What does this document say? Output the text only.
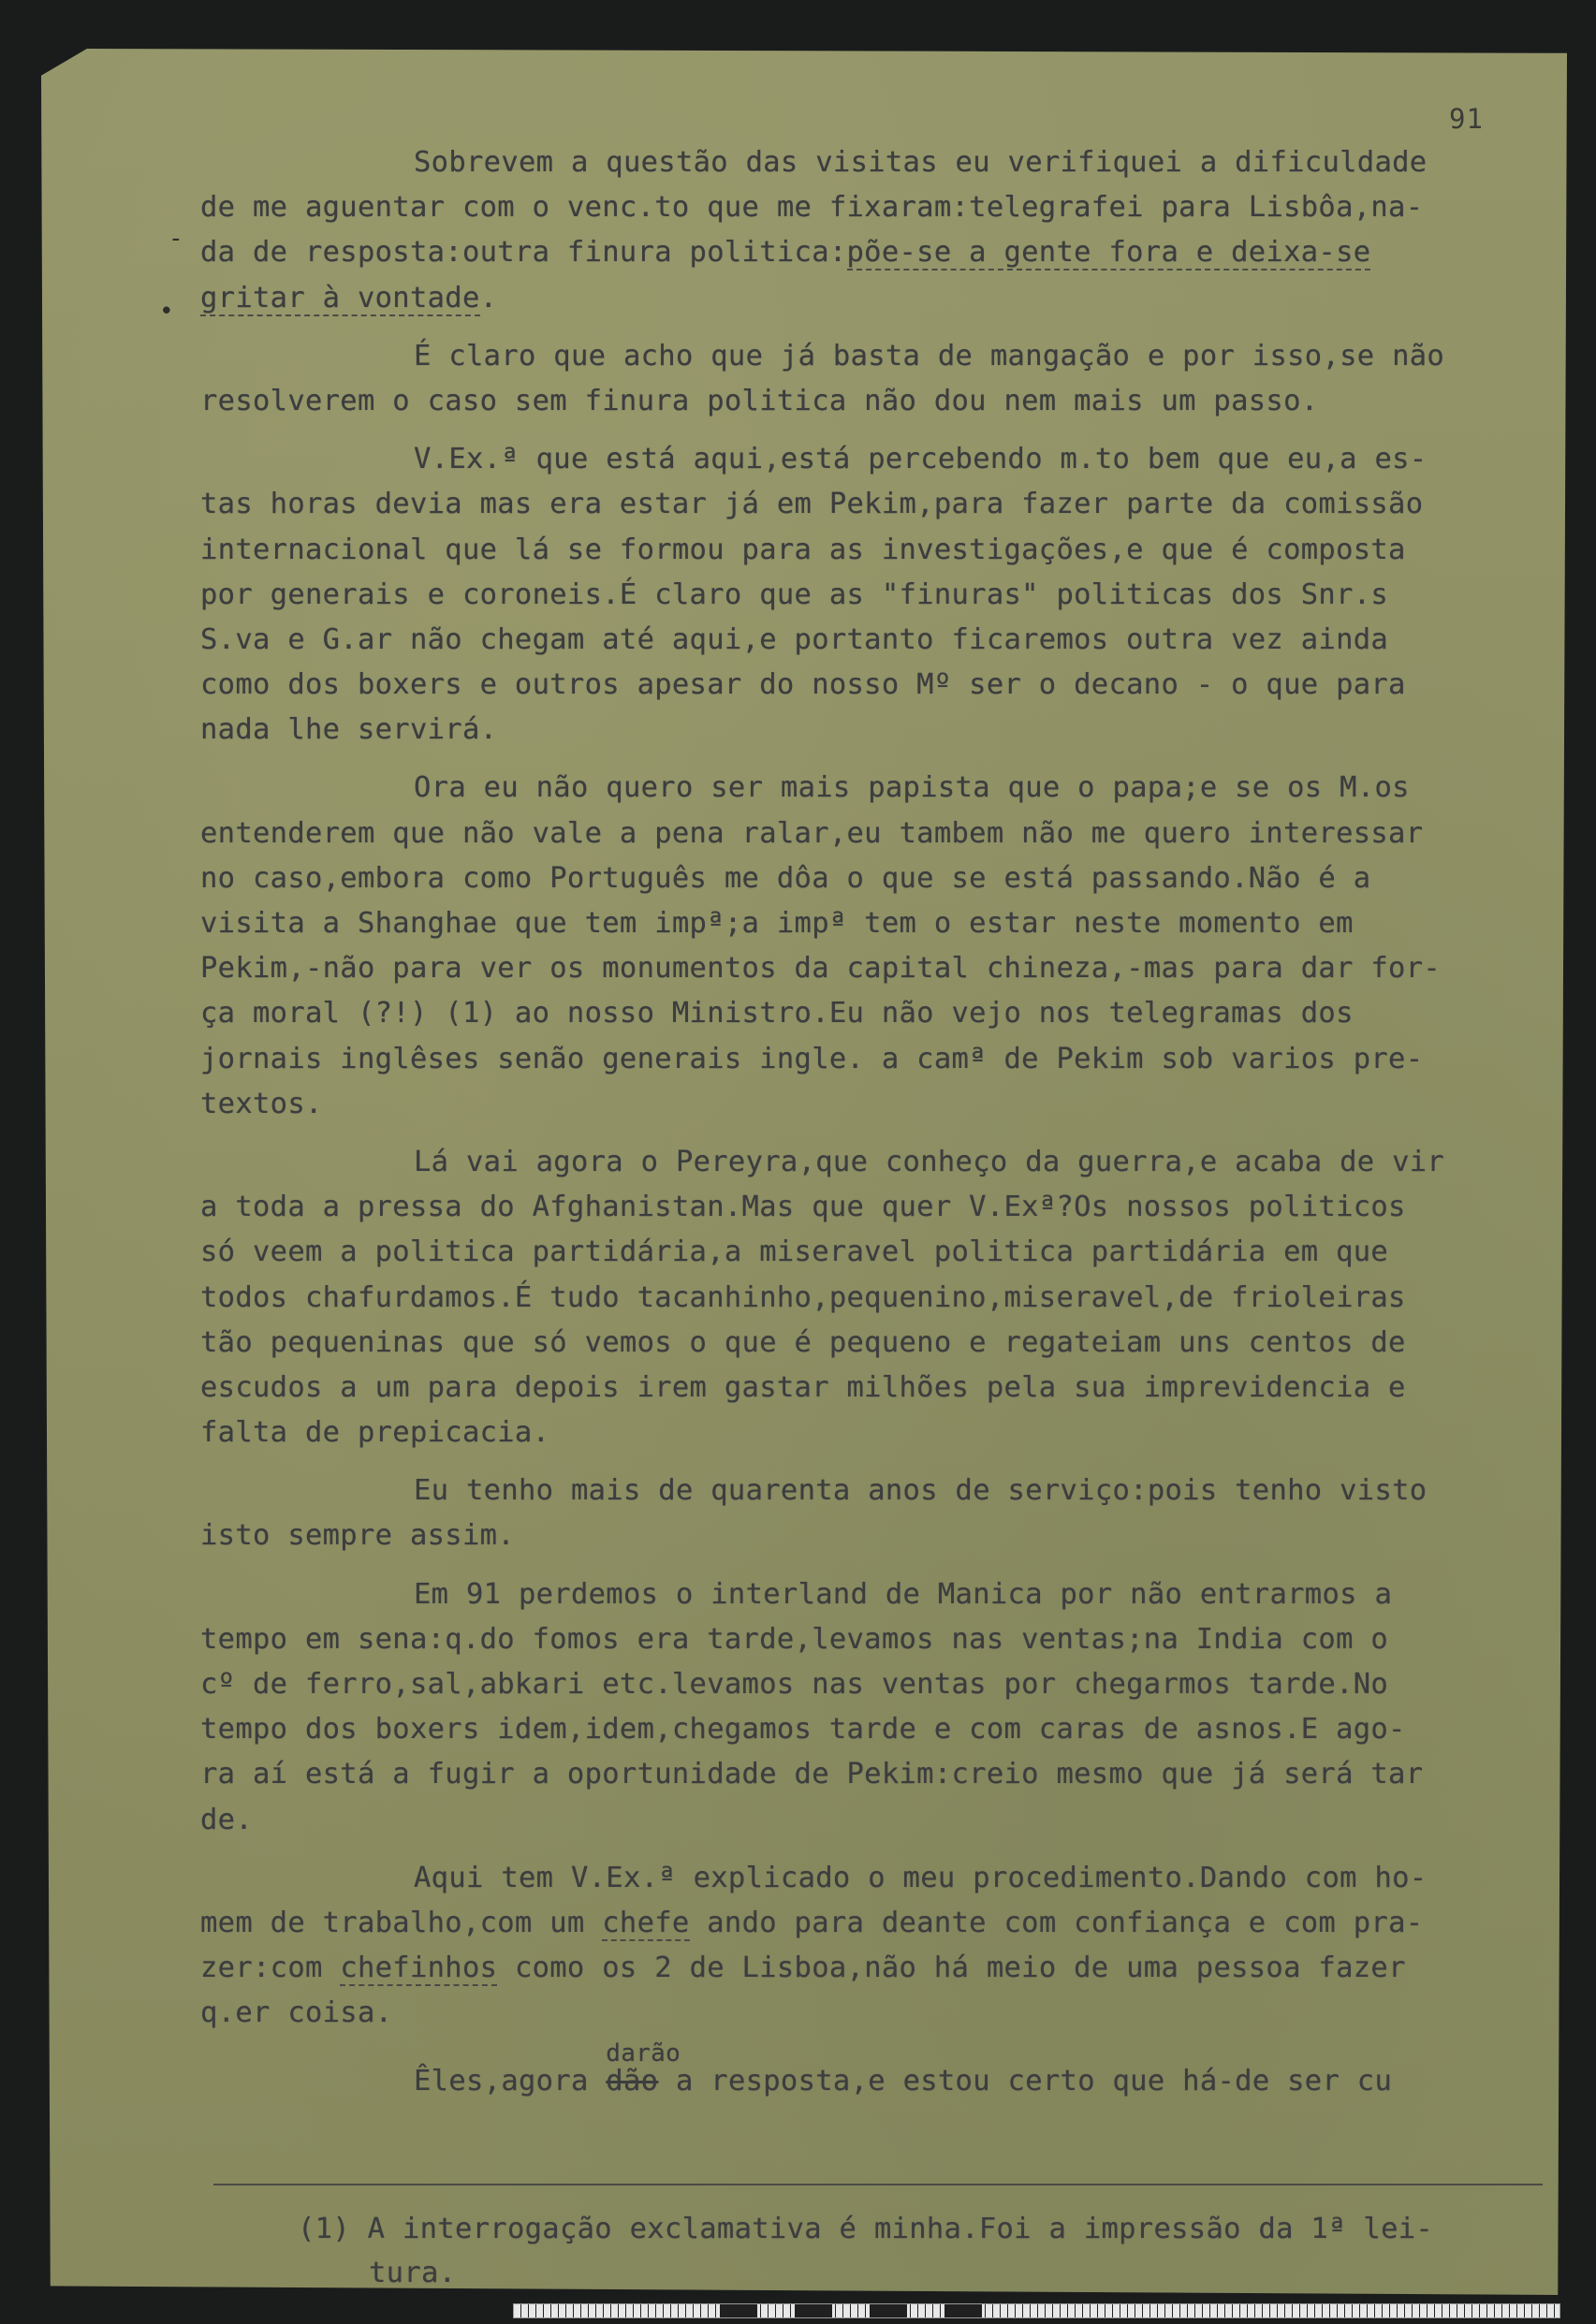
91
•
‐
Sobrevem a questão das visitas eu verifiquei a dificuldade
de me aguentar com o venc.to que me fixaram:telegrafei para Lisbôa,na-
da de resposta:outra finura politica:põe-se a gente fora e deixa-se
gritar à vontade.
É claro que acho que já basta de mangação e por isso,se não
resolverem o caso sem finura politica não dou nem mais um passo.
V.Ex.ª que está aqui,está percebendo m.to bem que eu,a es-
tas horas devia mas era estar já em Pekim,para fazer parte da comissão
internacional que lá se formou para as investigações,e que é composta
por generais e coroneis.É claro que as "finuras" politicas dos Snr.s
S.va e G.ar não chegam até aqui,e portanto ficaremos outra vez ainda
como dos boxers e outros apesar do nosso Mº ser o decano - o que para
nada lhe servirá.
Ora eu não quero ser mais papista que o papa;e se os M.os
entenderem que não vale a pena ralar,eu tambem não me quero interessar
no caso,embora como Português me dôa o que se está passando.Não é a
visita a Shanghae que tem impª;a impª tem o estar neste momento em
Pekim,-não para ver os monumentos da capital chineza,-mas para dar for-
ça moral (?!) (1) ao nosso Ministro.Eu não vejo nos telegramas dos
jornais inglêses senão generais ingle. a camª de Pekim sob varios pre-
textos.
Lá vai agora o Pereyra,que conheço da guerra,e acaba de vir
a toda a pressa do Afghanistan.Mas que quer V.Exª?Os nossos politicos
só veem a politica partidária,a miseravel politica partidária em que
todos chafurdamos.É tudo tacanhinho,pequenino,miseravel,de frioleiras
tão pequeninas que só vemos o que é pequeno e regateiam uns centos de
escudos a um para depois irem gastar milhões pela sua imprevidencia e
falta de prepicacia.
Eu tenho mais de quarenta anos de serviço:pois tenho visto
isto sempre assim.
Em 91 perdemos o interland de Manica por não entrarmos a
tempo em sena:q.do fomos era tarde,levamos nas ventas;na India com o
cº de ferro,sal,abkari etc.levamos nas ventas por chegarmos tarde.No
tempo dos boxers idem,idem,chegamos tarde e com caras de asnos.E ago-
ra aí está a fugir a oportunidade de Pekim:creio mesmo que já será tar
de.
Aqui tem V.Ex.ª explicado o meu procedimento.Dando com ho-
mem de trabalho,com um chefe ando para deante com confiança e com pra-
zer:com chefinhos como os 2 de Lisboa,não há meio de uma pessoa fazer
q.er coisa.
Êles,agora
darão
dão a resposta,e estou certo que há-de ser cu
(1) A interrogação exclamativa é minha.Foi a impressão da 1ª lei-
tura.
